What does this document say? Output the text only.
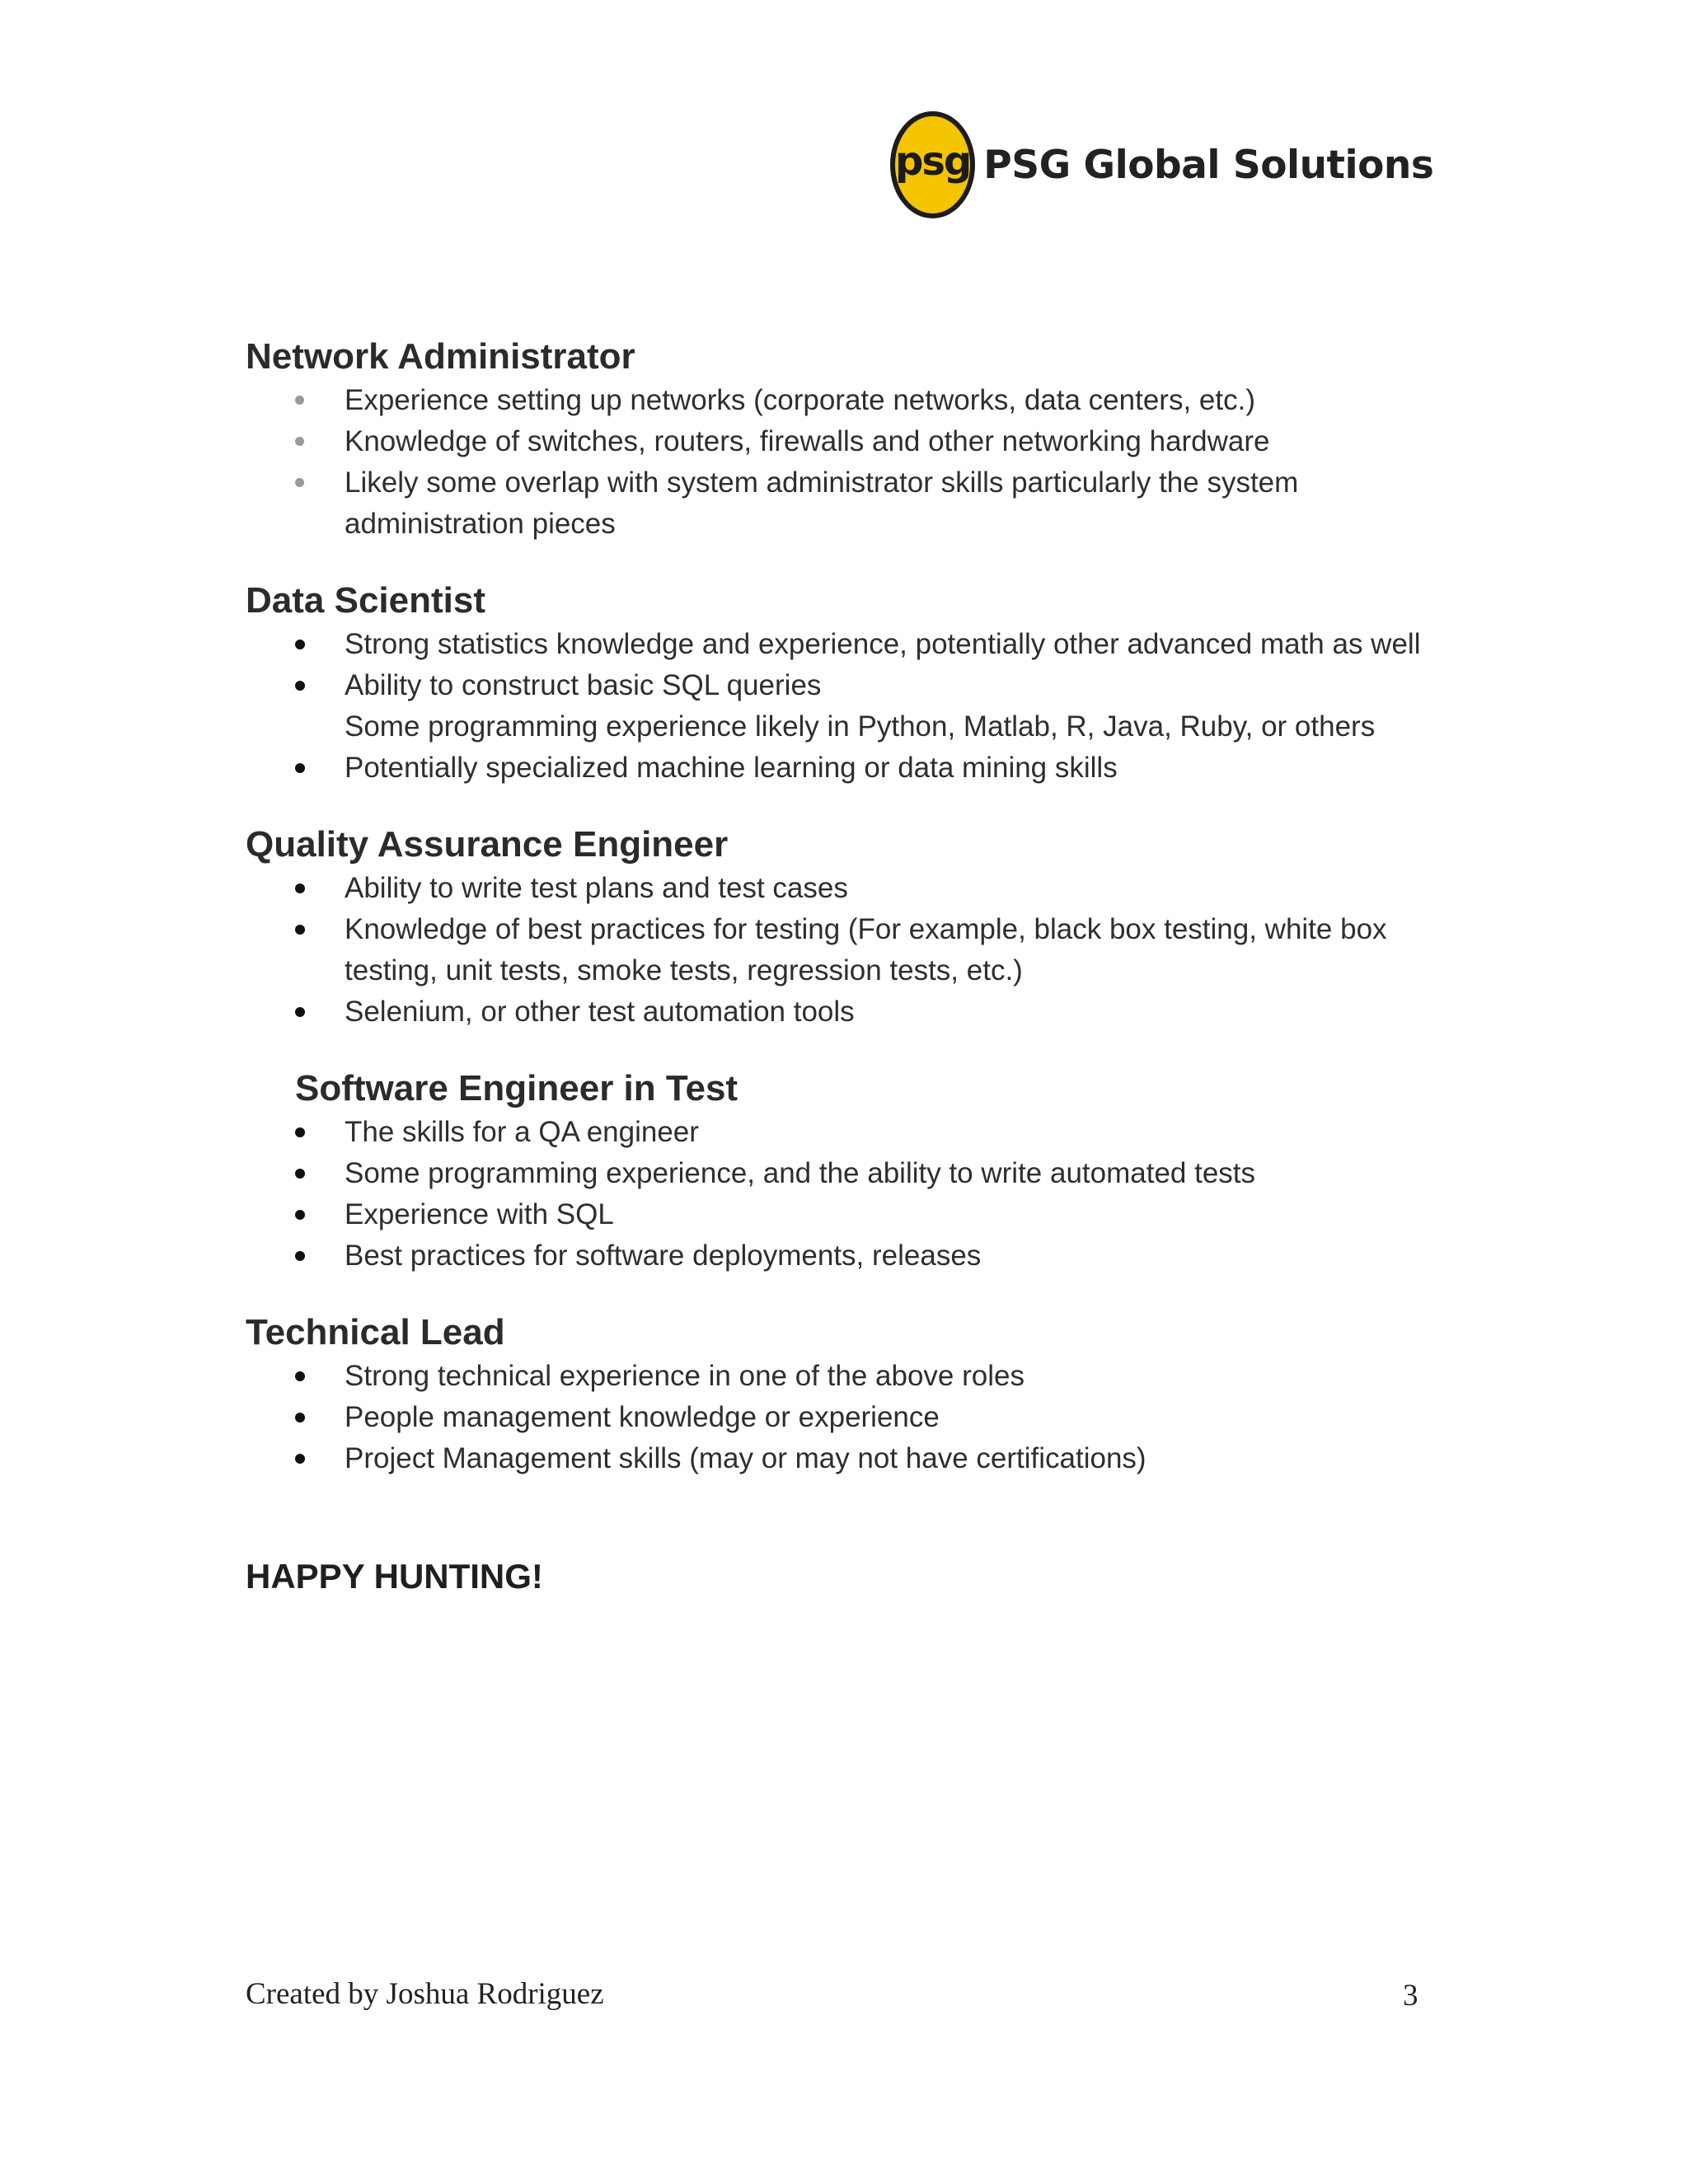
psg PSG Global Solutions
Network Administrator
Experience setting up networks (corporate networks, data centers, etc.)
Knowledge of switches, routers, firewalls and other networking hardware
Likely some overlap with system administrator skills particularly the system administration pieces
Data Scientist
Strong statistics knowledge and experience, potentially other advanced math as well
Ability to construct basic SQL queries
Some programming experience likely in Python, Matlab, R, Java, Ruby, or others
Potentially specialized machine learning or data mining skills
Quality Assurance Engineer
Ability to write test plans and test cases
Knowledge of best practices for testing (For example, black box testing, white box testing, unit tests, smoke tests, regression tests, etc.)
Selenium, or other test automation tools
Software Engineer in Test
The skills for a QA engineer
Some programming experience, and the ability to write automated tests
Experience with SQL
Best practices for software deployments, releases
Technical Lead
Strong technical experience in one of the above roles
People management knowledge or experience
Project Management skills (may or may not have certifications)

HAPPY HUNTING!

Created by Joshua Rodriguez	3
